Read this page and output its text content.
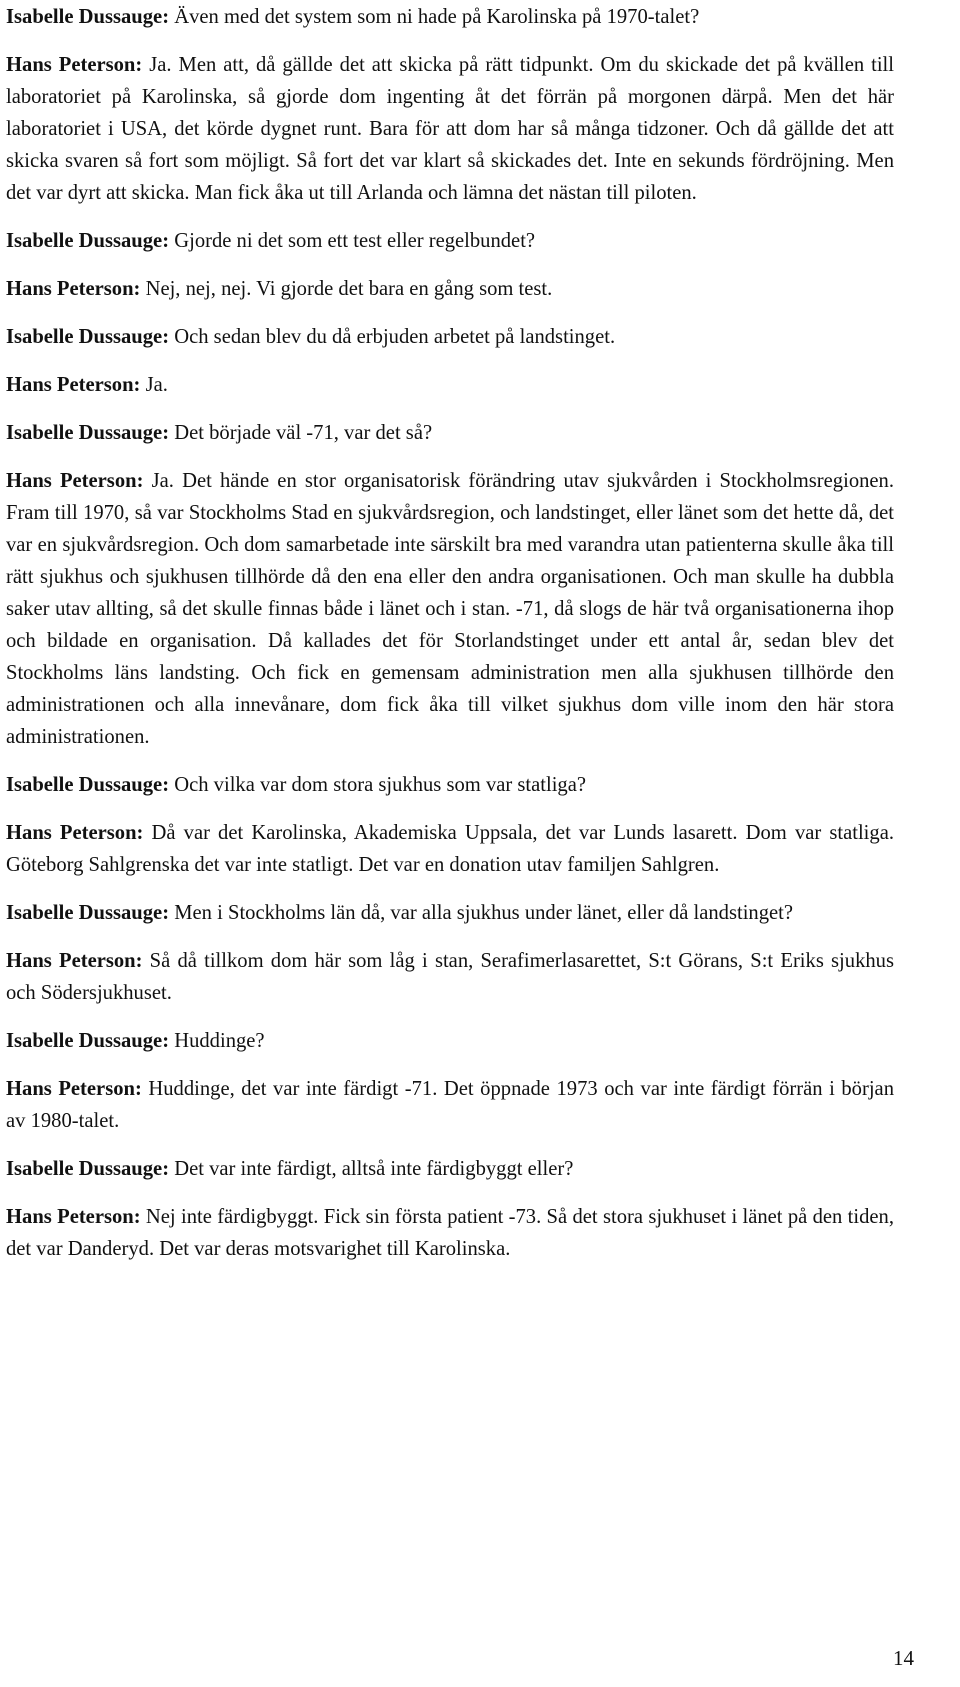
Isabelle Dussauge: Även med det system som ni hade på Karolinska på 1970-talet?

Hans Peterson: Ja. Men att, då gällde det att skicka på rätt tidpunkt. Om du skickade det på kvällen till laboratoriet på Karolinska, så gjorde dom ingenting åt det förrän på morgonen därpå. Men det här laboratoriet i USA, det körde dygnet runt. Bara för att dom har så många tidzoner. Och då gällde det att skicka svaren så fort som möjligt. Så fort det var klart så skickades det. Inte en sekunds fördröjning. Men det var dyrt att skicka. Man fick åka ut till Arlanda och lämna det nästan till piloten.

Isabelle Dussauge: Gjorde ni det som ett test eller regelbundet?

Hans Peterson: Nej, nej, nej. Vi gjorde det bara en gång som test.

Isabelle Dussauge: Och sedan blev du då erbjuden arbetet på landstinget.

Hans Peterson: Ja.

Isabelle Dussauge: Det började väl -71, var det så?

Hans Peterson: Ja. Det hände en stor organisatorisk förändring utav sjukvården i Stockholmsregionen. Fram till 1970, så var Stockholms Stad en sjukvårdsregion, och landstinget, eller länet som det hette då, det var en sjukvårdsregion. Och dom samarbetade inte särskilt bra med varandra utan patienterna skulle åka till rätt sjukhus och sjukhusen tillhörde då den ena eller den andra organisationen. Och man skulle ha dubbla saker utav allting, så det skulle finnas både i länet och i stan. -71, då slogs de här två organisationerna ihop och bildade en organisation. Då kallades det för Storlandstinget under ett antal år, sedan blev det Stockholms läns landsting. Och fick en gemensam administration men alla sjukhusen tillhörde den administrationen och alla innevånare, dom fick åka till vilket sjukhus dom ville inom den här stora administrationen.

Isabelle Dussauge: Och vilka var dom stora sjukhus som var statliga?

Hans Peterson: Då var det Karolinska, Akademiska Uppsala, det var Lunds lasarett. Dom var statliga. Göteborg Sahlgrenska det var inte statligt. Det var en donation utav familjen Sahlgren.

Isabelle Dussauge: Men i Stockholms län då, var alla sjukhus under länet, eller då landstinget?

Hans Peterson: Så då tillkom dom här som låg i stan, Serafimerlasarettet, S:t Görans, S:t Eriks sjukhus och Södersjukhuset.

Isabelle Dussauge: Huddinge?

Hans Peterson: Huddinge, det var inte färdigt -71. Det öppnade 1973 och var inte färdigt förrän i början av 1980-talet.

Isabelle Dussauge: Det var inte färdigt, alltså inte färdigbyggt eller?

Hans Peterson: Nej inte färdigbyggt. Fick sin första patient -73. Så det stora sjukhuset i länet på den tiden, det var Danderyd. Det var deras motsvarighet till Karolinska.

14
